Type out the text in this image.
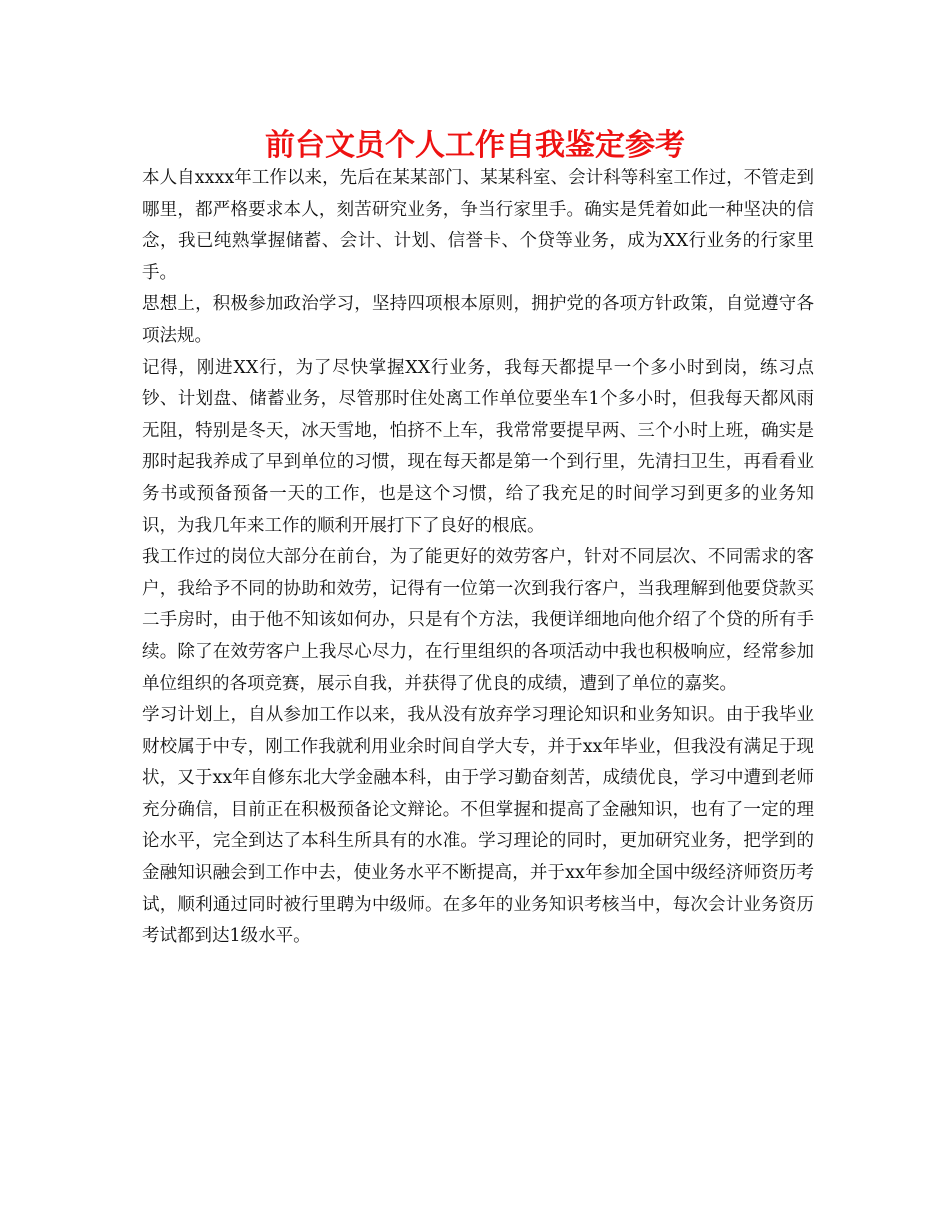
前台文员个人工作自我鉴定参考

本人自xxxx年工作以来，先后在某某部门、某某科室、会计科等科室工作过，不管走到哪里，都严格要求本人，刻苦研究业务，争当行家里手。确实是凭着如此一种坚决的信念，我已纯熟掌握储蓄、会计、计划、信誉卡、个贷等业务，成为XX行业务的行家里手。

思想上，积极参加政治学习，坚持四项根本原则，拥护党的各项方针政策，自觉遵守各项法规。

记得，刚进XX行，为了尽快掌握XX行业务，我每天都提早一个多小时到岗，练习点钞、计划盘、储蓄业务，尽管那时住处离工作单位要坐车1个多小时，但我每天都风雨无阻，特别是冬天，冰天雪地，怕挤不上车，我常常要提早两、三个小时上班，确实是那时起我养成了早到单位的习惯，现在每天都是第一个到行里，先清扫卫生，再看看业务书或预备预备一天的工作，也是这个习惯，给了我充足的时间学习到更多的业务知识，为我几年来工作的顺利开展打下了良好的根底。

我工作过的岗位大部分在前台，为了能更好的效劳客户，针对不同层次、不同需求的客户，我给予不同的协助和效劳，记得有一位第一次到我行客户，当我理解到他要贷款买二手房时，由于他不知该如何办，只是有个方法，我便详细地向他介绍了个贷的所有手续。除了在效劳客户上我尽心尽力，在行里组织的各项活动中我也积极响应，经常参加单位组织的各项竞赛，展示自我，并获得了优良的成绩，遭到了单位的嘉奖。

学习计划上，自从参加工作以来，我从没有放弃学习理论知识和业务知识。由于我毕业财校属于中专，刚工作我就利用业余时间自学大专，并于xx年毕业，但我没有满足于现状，又于xx年自修东北大学金融本科，由于学习勤奋刻苦，成绩优良，学习中遭到老师充分确信，目前正在积极预备论文辩论。不但掌握和提高了金融知识，也有了一定的理论水平，完全到达了本科生所具有的水准。学习理论的同时，更加研究业务，把学到的金融知识融会到工作中去，使业务水平不断提高，并于xx年参加全国中级经济师资历考试，顺利通过同时被行里聘为中级师。在多年的业务知识考核当中，每次会计业务资历考试都到达1级水平。
